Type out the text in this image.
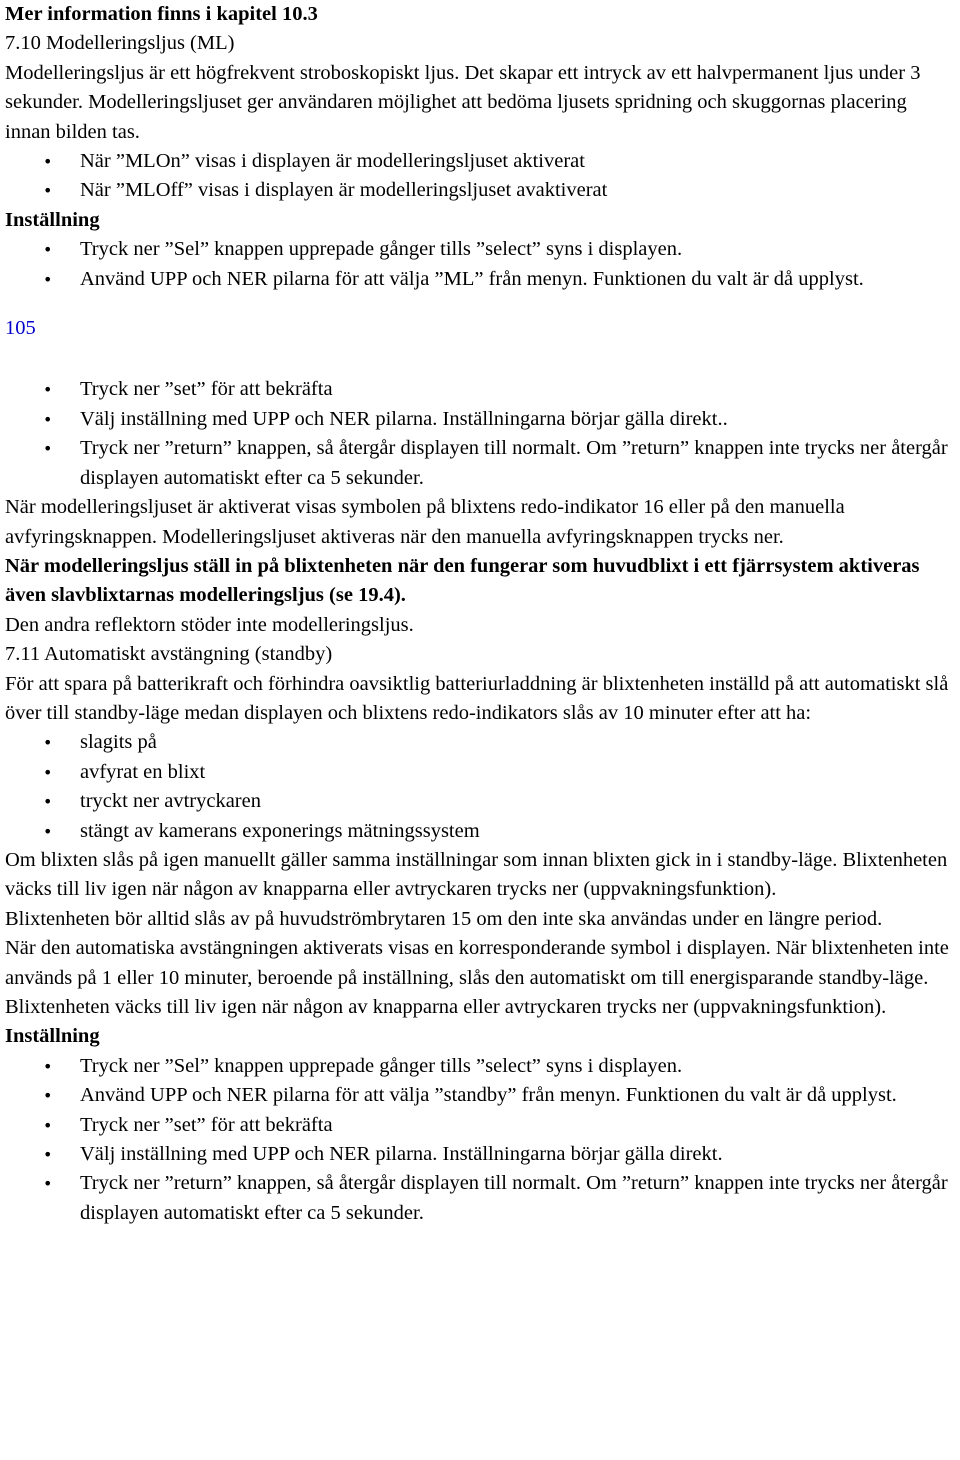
Mer information finns i kapitel 10.3

7.10 Modelleringsljus (ML)

Modelleringsljus är ett högfrekvent stroboskopiskt ljus. Det skapar ett intryck av ett halvpermanent ljus under 3 sekunder. Modelleringsljuset ger användaren möjlighet att bedöma ljusets spridning och skuggornas placering innan bilden tas.

• När ”MLOn” visas i displayen är modelleringsljuset aktiverat
• När ”MLOff” visas i displayen är modelleringsljuset avaktiverat

Inställning

• Tryck ner ”Sel” knappen upprepade gånger tills ”select” syns i displayen.
• Använd UPP och NER pilarna för att välja ”ML” från menyn. Funktionen du valt är då upplyst.

105

• Tryck ner ”set” för att bekräfta
• Välj inställning med UPP och NER pilarna. Inställningarna börjar gälla direkt..
• Tryck ner ”return” knappen, så återgår displayen till normalt. Om ”return” knappen inte trycks ner återgår displayen automatiskt efter ca 5 sekunder.

När modelleringsljuset är aktiverat visas symbolen på blixtens redo-indikator 16 eller på den manuella avfyringsknappen. Modelleringsljuset aktiveras när den manuella avfyringsknappen trycks ner.

När modelleringsljus ställ in på blixtenheten när den fungerar som huvudblixt i ett fjärrsystem aktiveras även slavblixtarnas modelleringsljus (se 19.4).

Den andra reflektorn stöder inte modelleringsljus.

7.11 Automatiskt avstängning (standby)

För att spara på batterikraft och förhindra oavsiktlig batteriurladdning är blixtenheten inställd på att automatiskt slå över till standby-läge medan displayen och blixtens redo-indikators slås av 10 minuter efter att ha:

• slagits på
• avfyrat en blixt
• tryckt ner avtryckaren
• stängt av kamerans exponerings mätningssystem

Om blixten slås på igen manuellt gäller samma inställningar som innan blixten gick in i standby-läge. Blixtenheten väcks till liv igen när någon av knapparna eller avtryckaren trycks ner (uppvakningsfunktion).

Blixtenheten bör alltid slås av på huvudströmbrytaren 15 om den inte ska användas under en längre period.

När den automatiska avstängningen aktiverats visas en korresponderande symbol i displayen. När blixtenheten inte används på 1 eller 10 minuter, beroende på inställning, slås den automatiskt om till energisparande standby-läge. Blixtenheten väcks till liv igen när någon av knapparna eller avtryckaren trycks ner (uppvakningsfunktion).

Inställning

• Tryck ner ”Sel” knappen upprepade gånger tills ”select” syns i displayen.
• Använd UPP och NER pilarna för att välja ”standby” från menyn. Funktionen du valt är då upplyst.
• Tryck ner ”set” för att bekräfta
• Välj inställning med UPP och NER pilarna. Inställningarna börjar gälla direkt.
• Tryck ner ”return” knappen, så återgår displayen till normalt. Om ”return” knappen inte trycks ner återgår displayen automatiskt efter ca 5 sekunder.
